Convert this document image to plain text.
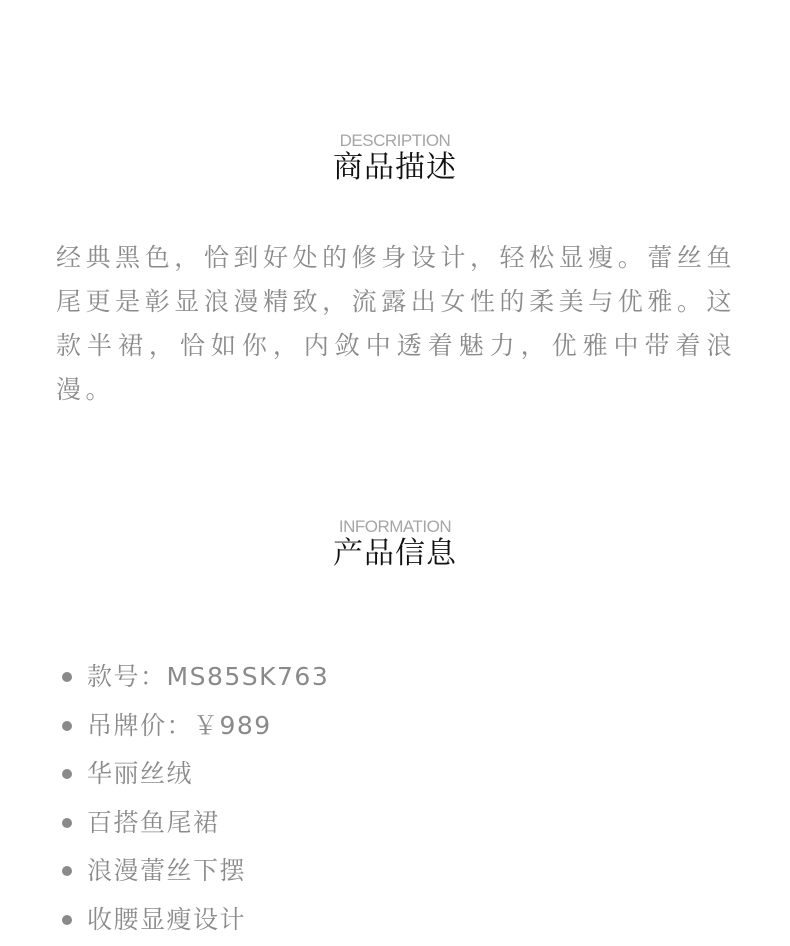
DESCRIPTION
商品描述

经典黑色，恰到好处的修身设计，轻松显瘦。蕾丝鱼尾更是彰显浪漫精致，流露出女性的柔美与优雅。这款半裙，恰如你，内敛中透着魅力，优雅中带着浪漫。

INFORMATION
产品信息
款号：MS85SK763
吊牌价：￥989
华丽丝绒
百搭鱼尾裙
浪漫蕾丝下摆
收腰显瘦设计
